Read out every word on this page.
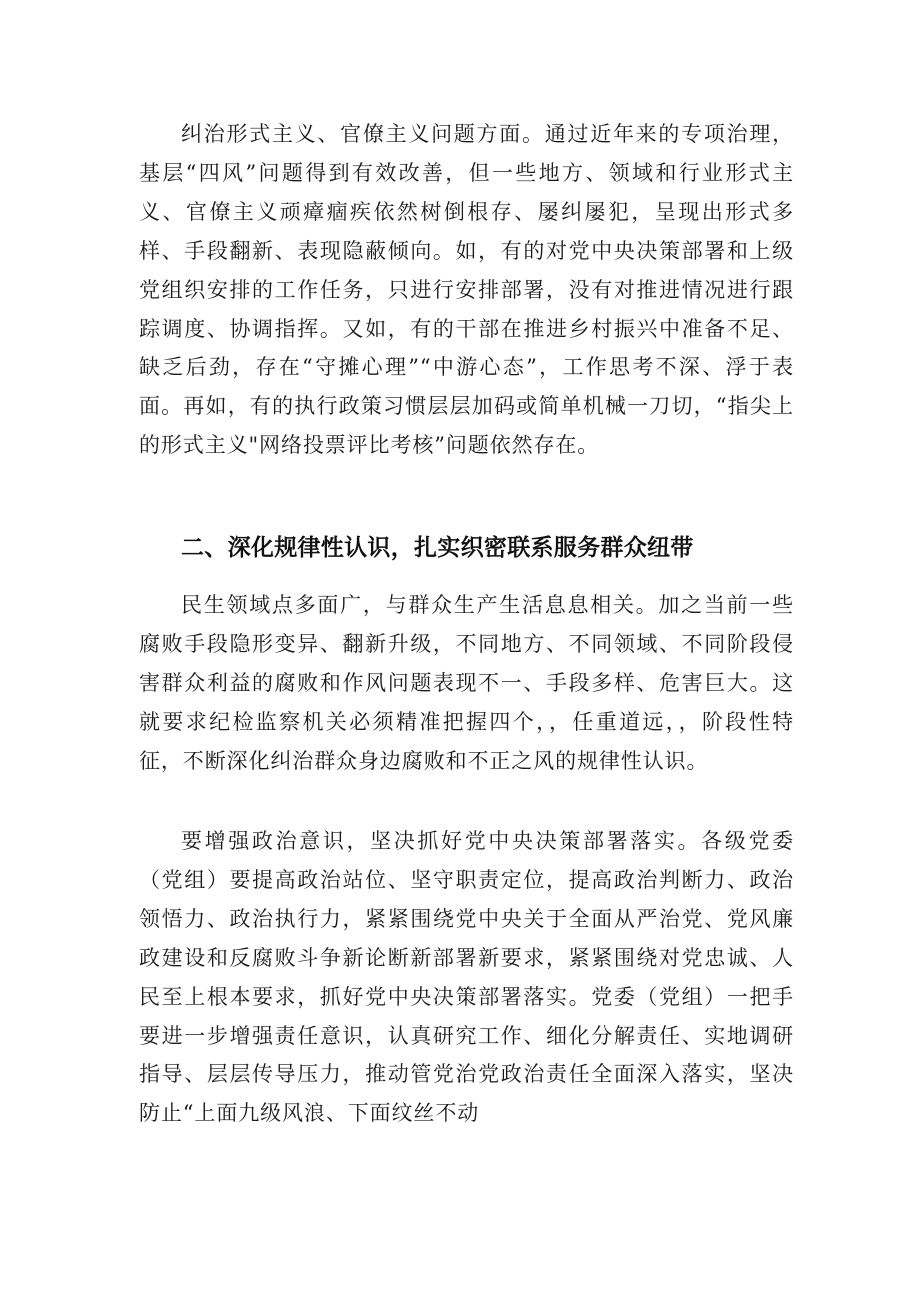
纠治形式主义、官僚主义问题方面。通过近年来的专项治理，基层“四风”问题得到有效改善，但一些地方、领域和行业形式主义、官僚主义顽瘴痼疾依然树倒根存、屡纠屡犯，呈现出形式多样、手段翻新、表现隐蔽倾向。如，有的对党中央决策部署和上级党组织安排的工作任务，只进行安排部署，没有对推进情况进行跟踪调度、协调指挥。又如，有的干部在推进乡村振兴中准备不足、缺乏后劲，存在“守摊心理”“中游心态”，工作思考不深、浮于表面。再如，有的执行政策习惯层层加码或简单机械一刀切，“指尖上的形式主义"网络投票评比考核”问题依然存在。

二、深化规律性认识，扎实织密联系服务群众纽带

民生领域点多面广，与群众生产生活息息相关。加之当前一些腐败手段隐形变异、翻新升级，不同地方、不同领域、不同阶段侵害群众利益的腐败和作风问题表现不一、手段多样、危害巨大。这就要求纪检监察机关必须精准把握四个，，任重道远，，阶段性特征，不断深化纠治群众身边腐败和不正之风的规律性认识。

要增强政治意识，坚决抓好党中央决策部署落实。各级党委（党组）要提高政治站位、坚守职责定位，提高政治判断力、政治领悟力、政治执行力，紧紧围绕党中央关于全面从严治党、党风廉政建设和反腐败斗争新论断新部署新要求，紧紧围绕对党忠诚、人民至上根本要求，抓好党中央决策部署落实。党委（党组）一把手要进一步增强责任意识，认真研究工作、细化分解责任、实地调研指导、层层传导压力，推动管党治党政治责任全面深入落实，坚决防止“上面九级风浪、下面纹丝不动
